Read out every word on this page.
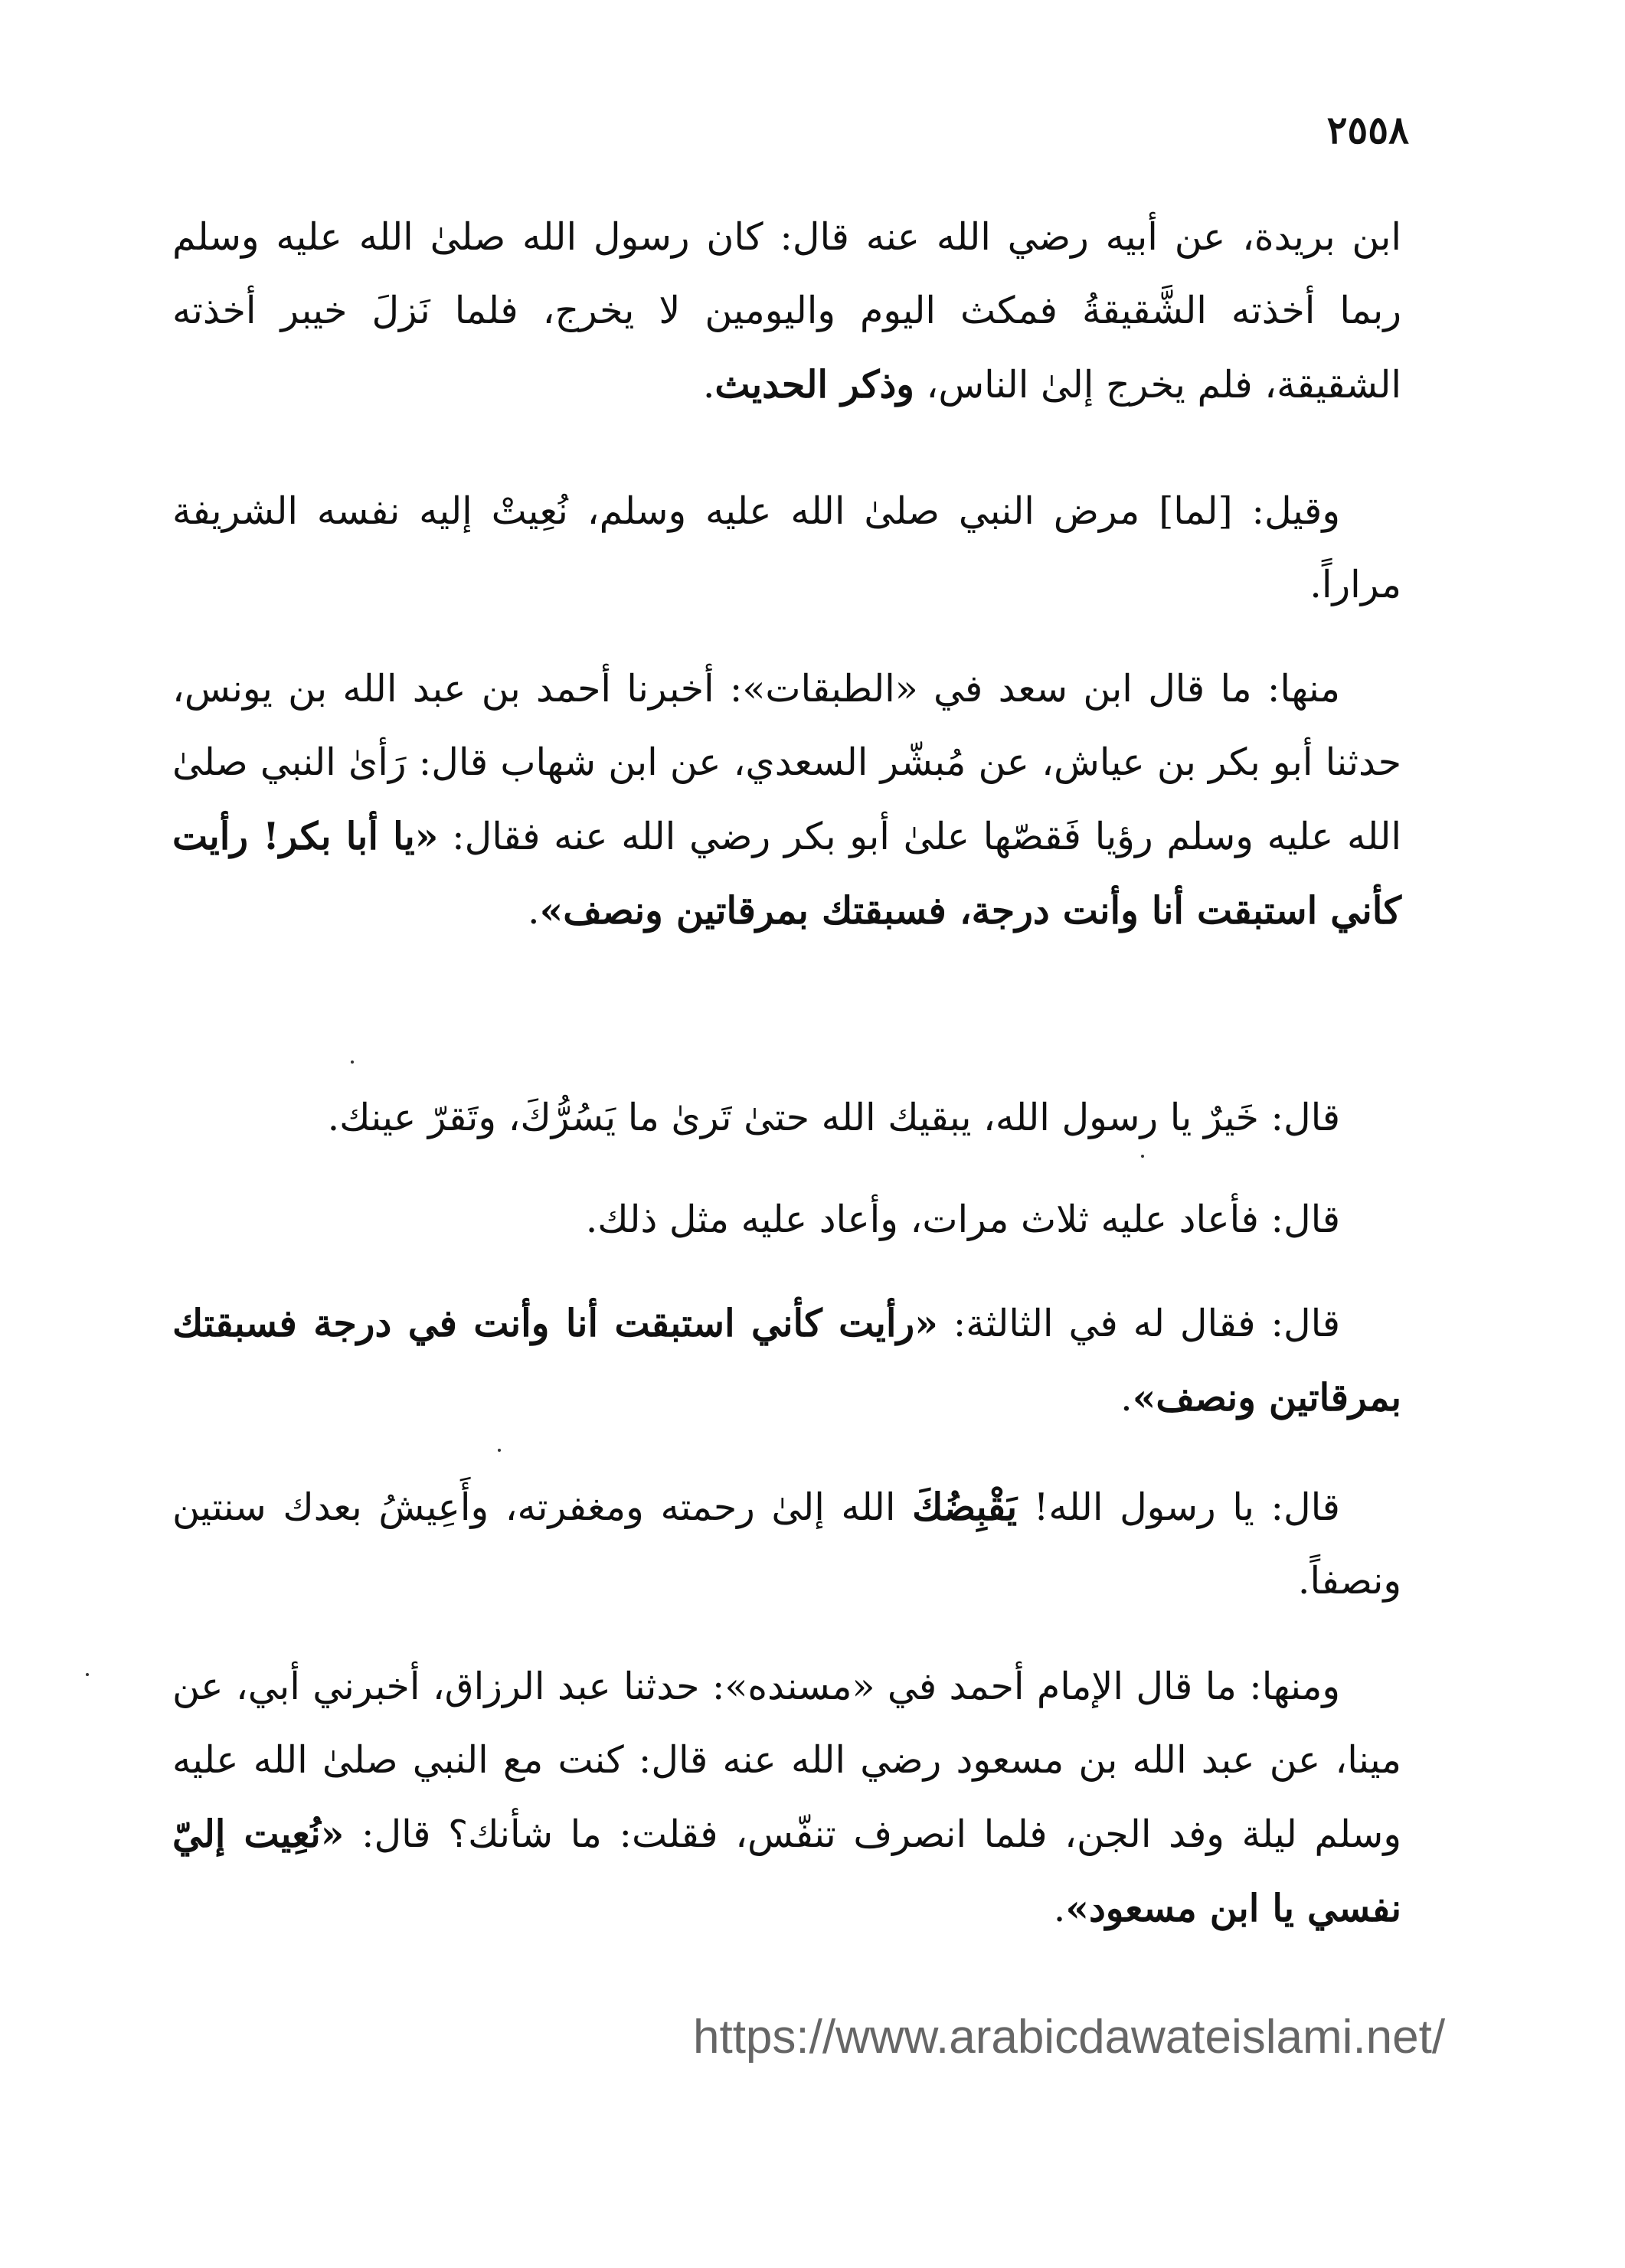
٢٥٥٨
ابن بريدة، عن أبيه رضي الله عنه قال: كان رسول الله صلىٰ الله عليه وسلم ربما أخذته الشَّقيقةُ فمكث اليوم واليومين لا يخرج، فلما نَزلَ خيبر أخذته الشقيقة، فلم يخرج إلىٰ الناس، وذكر الحديث.
وقيل: [لما] مرض النبي صلىٰ الله عليه وسلم، نُعِيتْ إليه نفسه الشريفة مراراً.
منها: ما قال ابن سعد في «الطبقات»: أخبرنا أحمد بن عبد الله بن يونس، حدثنا أبو بكر بن عياش، عن مُبشّر السعدي، عن ابن شهاب قال: رَأىٰ النبي صلىٰ الله عليه وسلم رؤيا فَقصّها علىٰ أبو بكر رضي الله عنه فقال: «يا أبا بكر! رأيت كأني استبقت أنا وأنت درجة، فسبقتك بمرقاتين ونصف».
قال: خَيرٌ يا رسول الله، يبقيك الله حتىٰ تَرىٰ ما يَسُرُّكَ، وتَقرّ عينك.
قال: فأعاد عليه ثلاث مرات، وأعاد عليه مثل ذلك.
قال: فقال له في الثالثة: «رأيت كأني استبقت أنا وأنت في درجة فسبقتك بمرقاتين ونصف».
قال: يا رسول الله! يَقْبِضُكَ الله إلىٰ رحمته ومغفرته، وأَعِيشُ بعدك سنتين ونصفاً.
ومنها: ما قال الإمام أحمد في «مسنده»: حدثنا عبد الرزاق، أخبرني أبي، عن مينا، عن عبد الله بن مسعود رضي الله عنه قال: كنت مع النبي صلىٰ الله عليه وسلم ليلة وفد الجن، فلما انصرف تنفّس، فقلت: ما شأنك؟ قال: «نُعِيت إليّ نفسي يا ابن مسعود».
https://www.arabicdawateislami.net/
